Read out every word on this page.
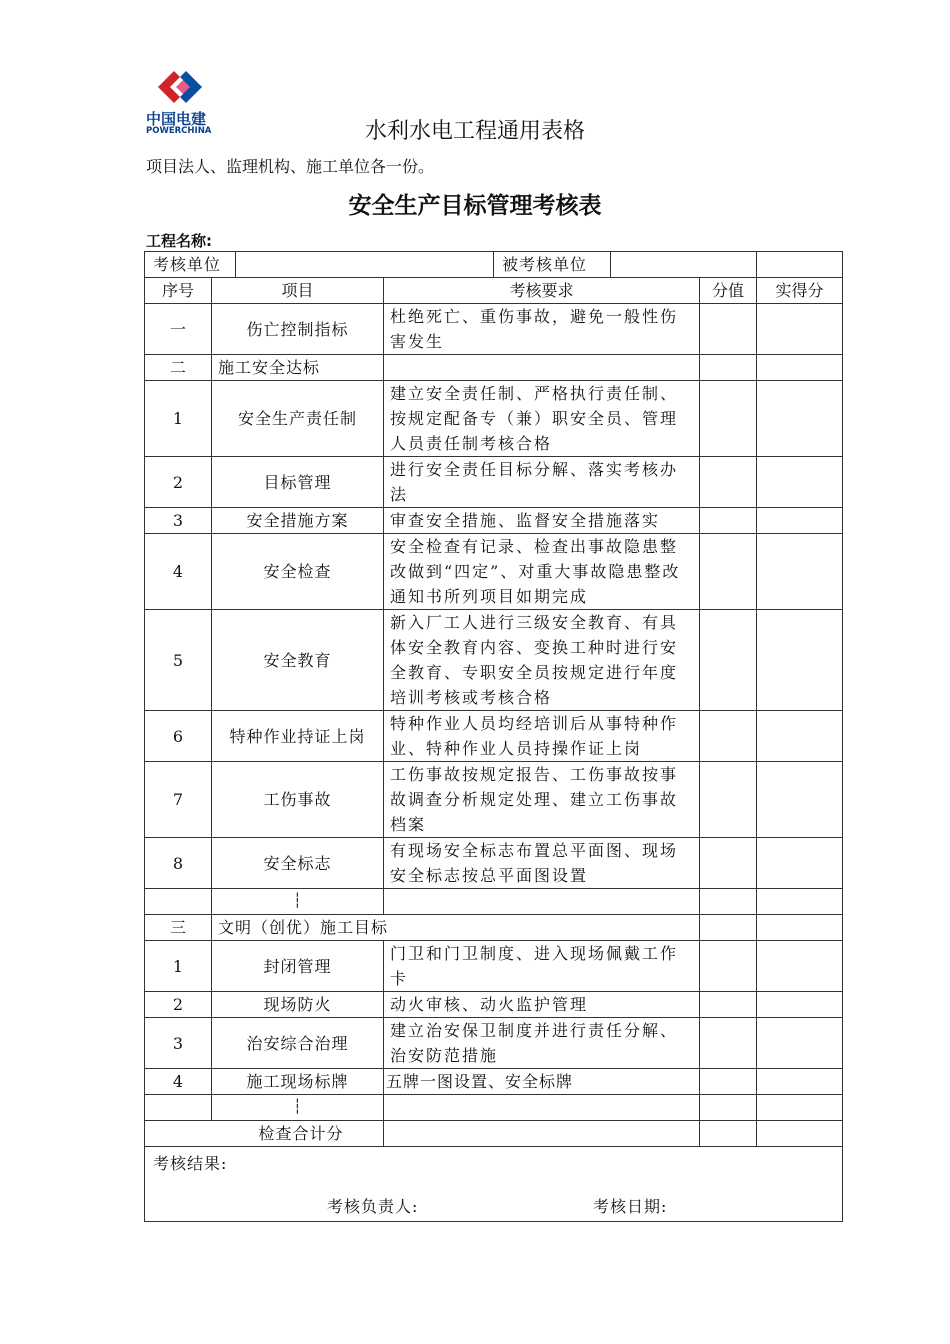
中国电建
POWERCHINA	水利水电工程通用表格
项目法人、监理机构、施工单位各一份。
安全生产目标管理考核表
工程名称:
考核单位 被考核单位				

序号	项目	考核要求	分值	实得分
一	伤亡控制指标	杜绝死亡、重伤事故，避免一般性伤害发生		
二	施工安全达标			
1	安全生产责任制	建立安全责任制、严格执行责任制、按规定配备专（兼）职安全员、管理人员责任制考核合格		
2	目标管理	进行安全责任目标分解、落实考核办法		
3	安全措施方案	审查安全措施、监督安全措施落实		
4	安全检查	安全检查有记录、检查出事故隐患整改做到“四定”、对重大事故隐患整改通知书所列项目如期完成		
5	安全教育	新入厂工人进行三级安全教育、有具体安全教育内容、变换工种时进行安全教育、专职安全员按规定进行年度培训考核或考核合格		
6	特种作业持证上岗	特种作业人员均经培训后从事特种作业、特种作业人员持操作证上岗		
7	工伤事故	工伤事故按规定报告、工伤事故按事故调查分析规定处理、建立工伤事故档案		
8	安全标志	有现场安全标志布置总平面图、现场安全标志按总平面图设置		
	┆			
三	文明（创优）施工目标			
1	封闭管理	门卫和门卫制度、进入现场佩戴工作卡		
2	现场防火	动火审核、动火监护管理		
3	治安综合治理	建立治安保卫制度并进行责任分解、治安防范措施		
4	施工现场标牌	五牌一图设置、安全标牌		
	┆			
检查合计分				

考核结果:
考核负责人: 考核日期:				
